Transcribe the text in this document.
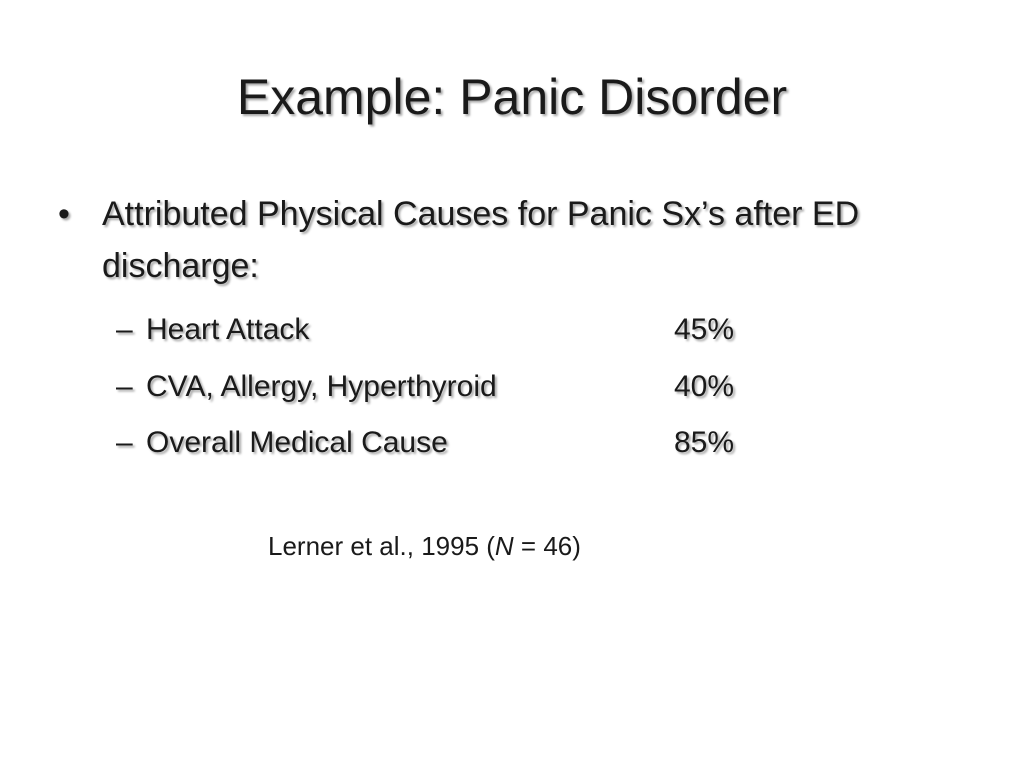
Example: Panic Disorder
• Attributed Physical Causes for Panic Sx’s after ED discharge:
– Heart Attack	45%
– CVA, Allergy, Hyperthyroid	40%
– Overall Medical Cause	85%
Lerner et al., 1995 (N = 46)
